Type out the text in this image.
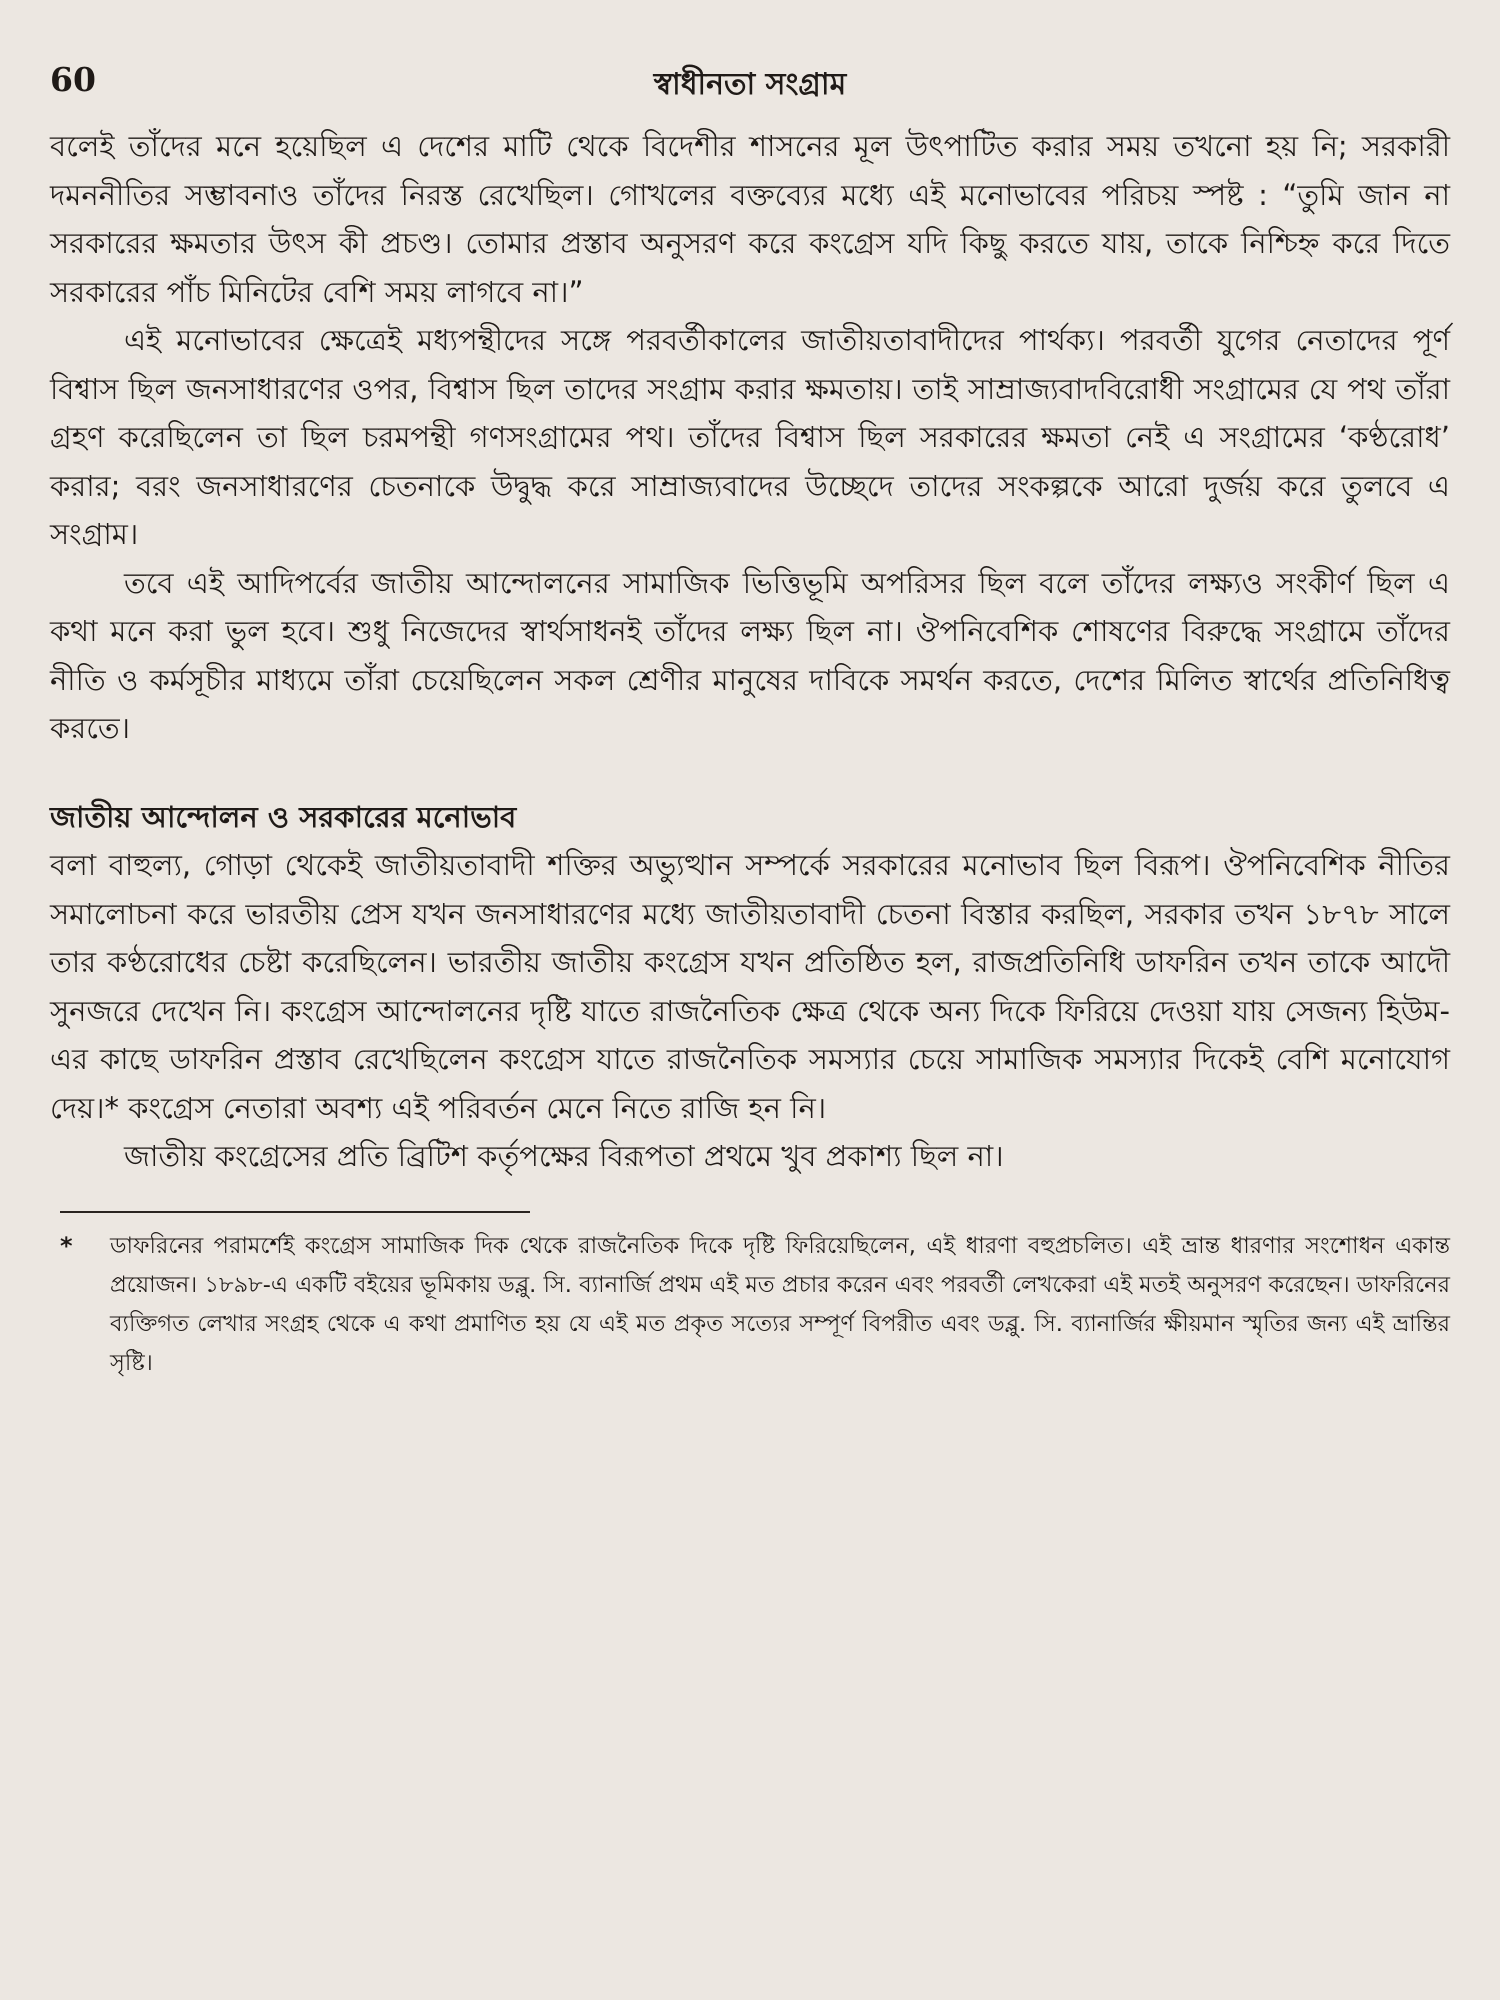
60	স্বাধীনতা সংগ্রাম

বলেই তাঁদের মনে হয়েছিল এ দেশের মাটি থেকে বিদেশীর শাসনের মূল উৎপাটিত করার সময় তখনো হয় নি; সরকারী দমননীতির সম্ভাবনাও তাঁদের নিরস্ত রেখেছিল। গোখলের বক্তব্যের মধ্যে এই মনোভাবের পরিচয় স্পষ্ট : “তুমি জান না সরকারের ক্ষমতার উৎস কী প্রচণ্ড। তোমার প্রস্তাব অনুসরণ করে কংগ্রেস যদি কিছু করতে যায়, তাকে নিশ্চিহ্ন করে দিতে সরকারের পাঁচ মিনিটের বেশি সময় লাগবে না।”

এই মনোভাবের ক্ষেত্রেই মধ্যপন্থীদের সঙ্গে পরবর্তীকালের জাতীয়তাবাদীদের পার্থক্য। পরবর্তী যুগের নেতাদের পূর্ণ বিশ্বাস ছিল জনসাধারণের ওপর, বিশ্বাস ছিল তাদের সংগ্রাম করার ক্ষমতায়। তাই সাম্রাজ্যবাদবিরোধী সংগ্রামের যে পথ তাঁরা গ্রহণ করেছিলেন তা ছিল চরমপন্থী গণসংগ্রামের পথ। তাঁদের বিশ্বাস ছিল সরকারের ক্ষমতা নেই এ সংগ্রামের ‘কণ্ঠরোধ’ করার; বরং জনসাধারণের চেতনাকে উদ্বুদ্ধ করে সাম্রাজ্যবাদের উচ্ছেদে তাদের সংকল্পকে আরো দুর্জয় করে তুলবে এ সংগ্রাম।

তবে এই আদিপর্বের জাতীয় আন্দোলনের সামাজিক ভিত্তিভূমি অপরিসর ছিল বলে তাঁদের লক্ষ্যও সংকীর্ণ ছিল এ কথা মনে করা ভুল হবে। শুধু নিজেদের স্বার্থসাধনই তাঁদের লক্ষ্য ছিল না। ঔপনিবেশিক শোষণের বিরুদ্ধে সংগ্রামে তাঁদের নীতি ও কর্মসূচীর মাধ্যমে তাঁরা চেয়েছিলেন সকল শ্রেণীর মানুষের দাবিকে সমর্থন করতে, দেশের মিলিত স্বার্থের প্রতিনিধিত্ব করতে।

জাতীয় আন্দোলন ও সরকারের মনোভাব

বলা বাহুল্য, গোড়া থেকেই জাতীয়তাবাদী শক্তির অভ্যুত্থান সম্পর্কে সরকারের মনোভাব ছিল বিরূপ। ঔপনিবেশিক নীতির সমালোচনা করে ভারতীয় প্রেস যখন জনসাধারণের মধ্যে জাতীয়তাবাদী চেতনা বিস্তার করছিল, সরকার তখন ১৮৭৮ সালে তার কণ্ঠরোধের চেষ্টা করেছিলেন। ভারতীয় জাতীয় কংগ্রেস যখন প্রতিষ্ঠিত হল, রাজপ্রতিনিধি ডাফরিন তখন তাকে আদৌ সুনজরে দেখেন নি। কংগ্রেস আন্দোলনের দৃষ্টি যাতে রাজনৈতিক ক্ষেত্র থেকে অন্য দিকে ফিরিয়ে দেওয়া যায় সেজন্য হিউম-এর কাছে ডাফরিন প্রস্তাব রেখেছিলেন কংগ্রেস যাতে রাজনৈতিক সমস্যার চেয়ে সামাজিক সমস্যার দিকেই বেশি মনোযোগ দেয়।* কংগ্রেস নেতারা অবশ্য এই পরিবর্তন মেনে নিতে রাজি হন নি।

জাতীয় কংগ্রেসের প্রতি ব্রিটিশ কর্তৃপক্ষের বিরূপতা প্রথমে খুব প্রকাশ্য ছিল না।

* ডাফরিনের পরামর্শেই কংগ্রেস সামাজিক দিক থেকে রাজনৈতিক দিকে দৃষ্টি ফিরিয়েছিলেন, এই ধারণা বহুপ্রচলিত। এই ভ্রান্ত ধারণার সংশোধন একান্ত প্রয়োজন। ১৮৯৮-এ একটি বইয়ের ভূমিকায় ডব্লু. সি. ব্যানার্জি প্রথম এই মত প্রচার করেন এবং পরবর্তী লেখকেরা এই মতই অনুসরণ করেছেন। ডাফরিনের ব্যক্তিগত লেখার সংগ্রহ থেকে এ কথা প্রমাণিত হয় যে এই মত প্রকৃত সত্যের সম্পূর্ণ বিপরীত এবং ডব্লু. সি. ব্যানার্জির ক্ষীয়মান স্মৃতির জন্য এই ভ্রান্তির সৃষ্টি।
